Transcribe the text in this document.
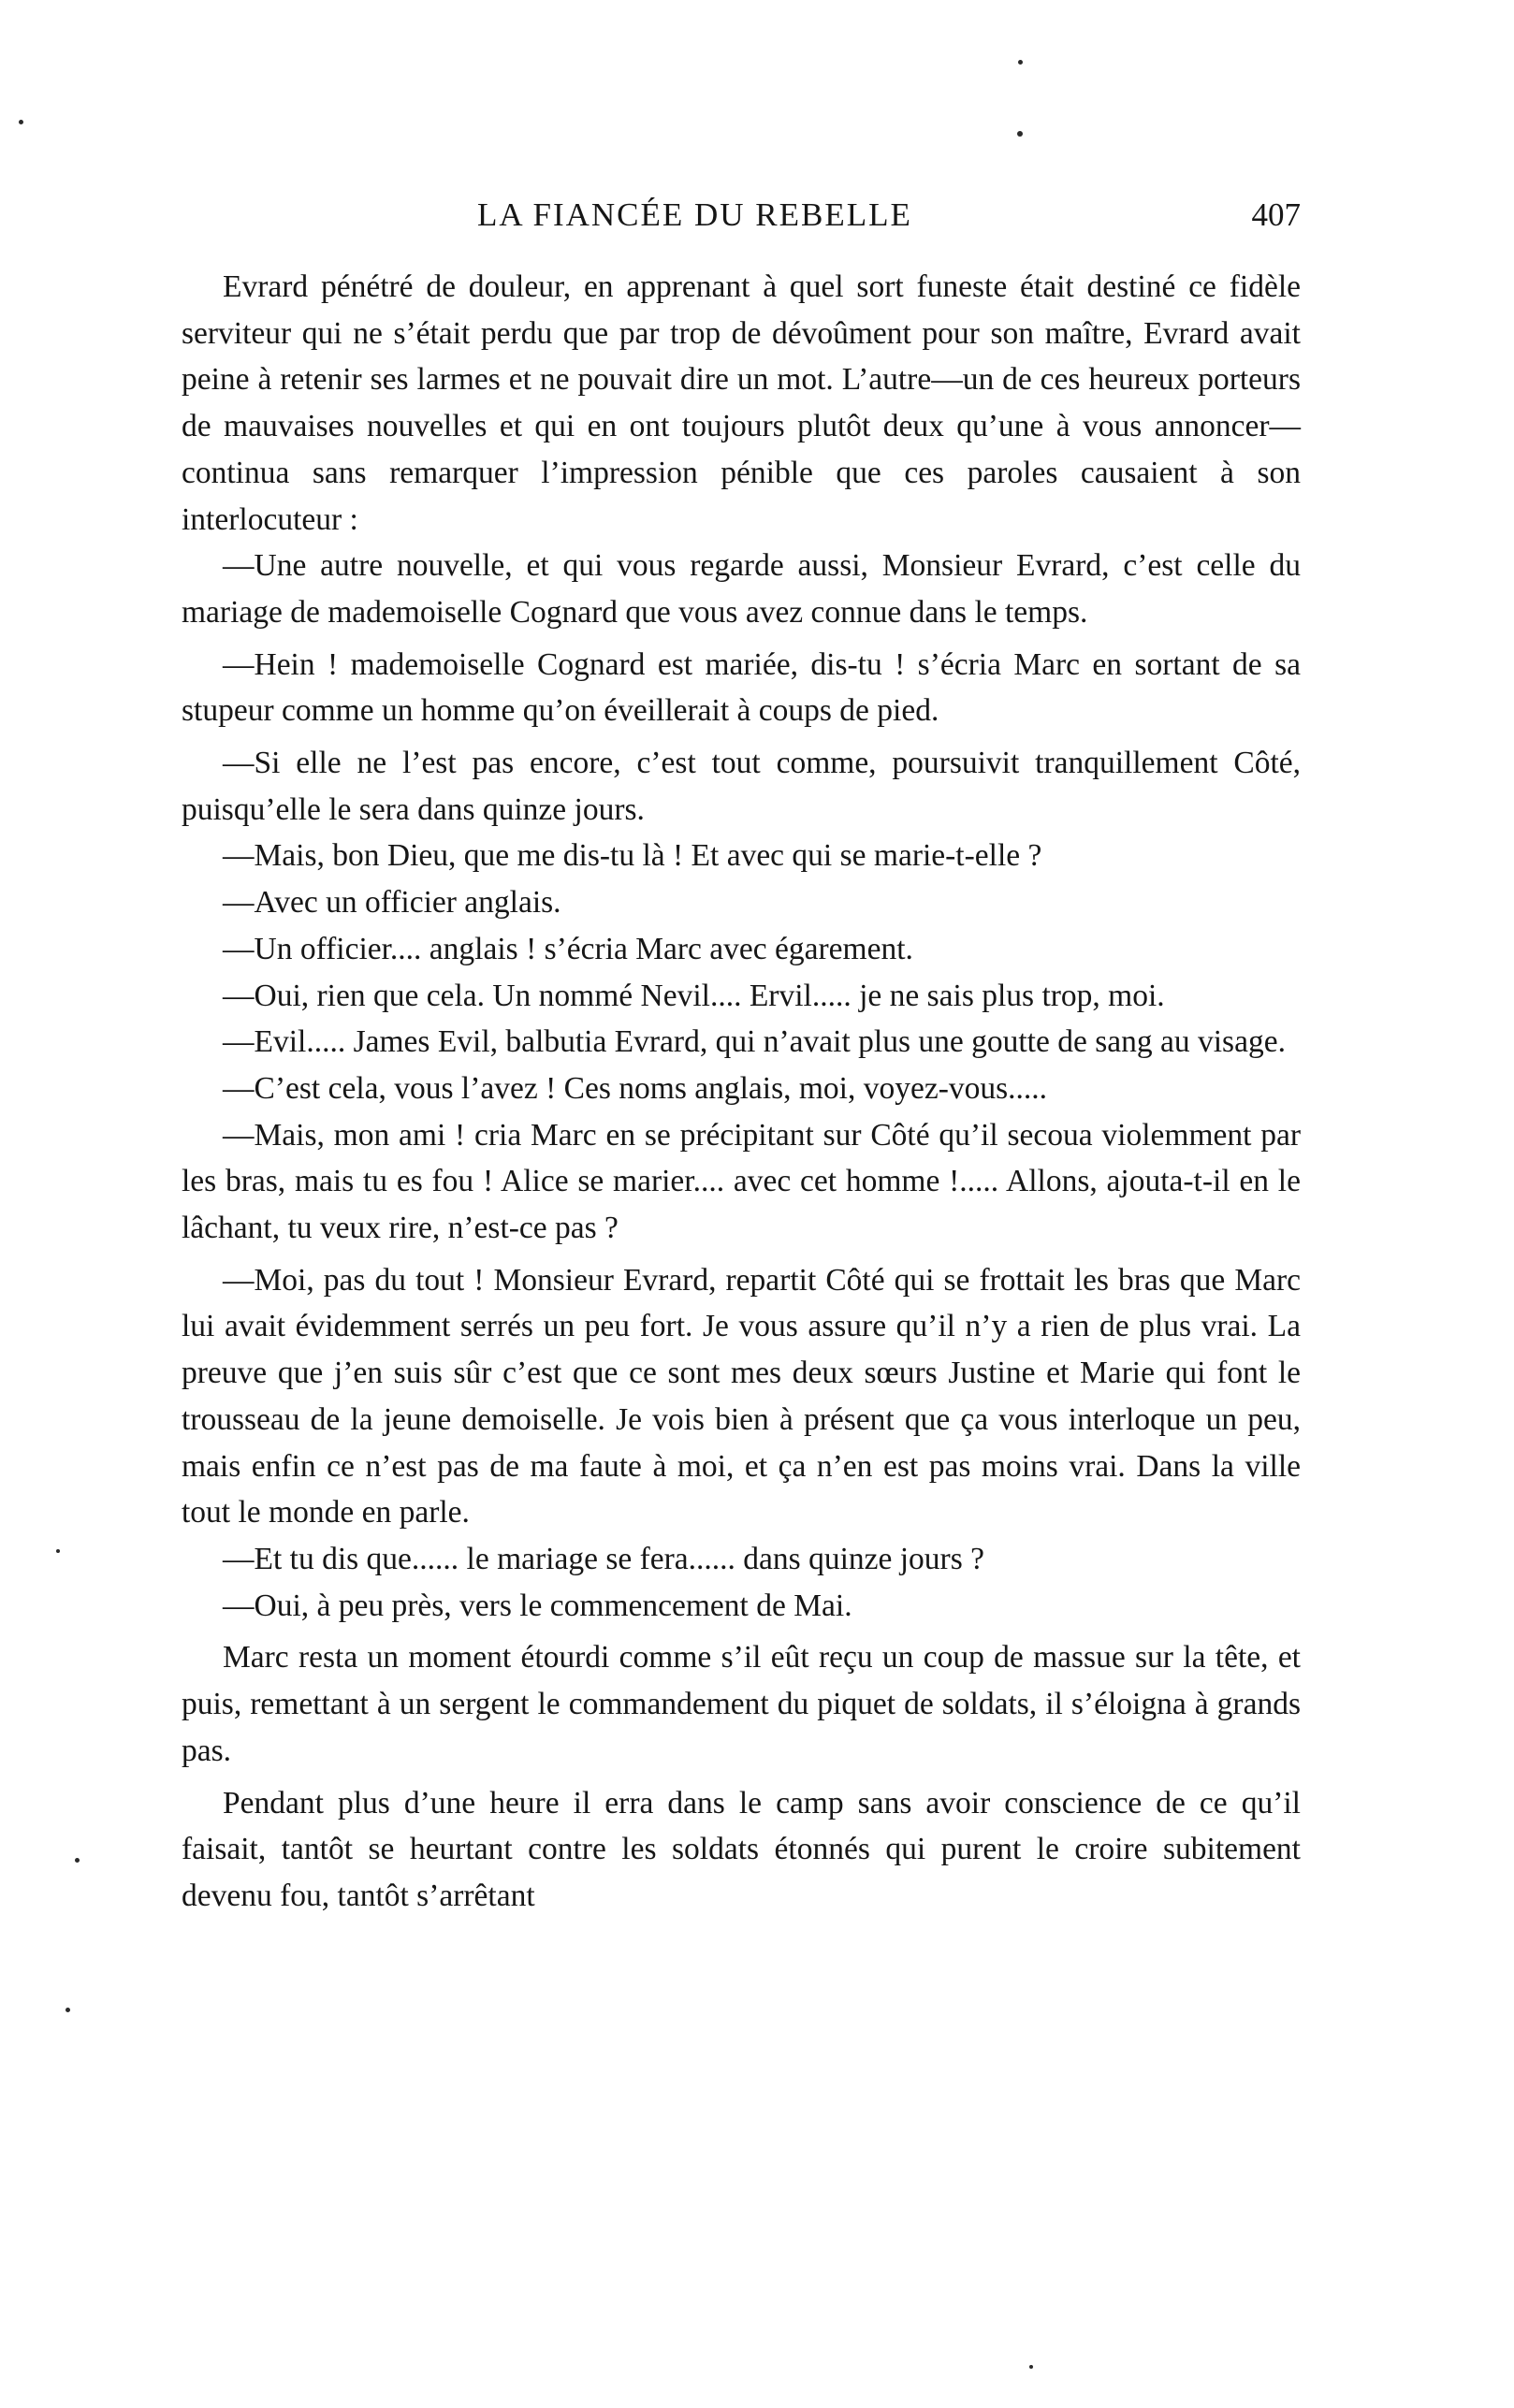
LA FIANCÉE DU REBELLE	407

Evrard pénétré de douleur, en apprenant à quel sort funeste était destiné ce fidèle serviteur qui ne s’était perdu que par trop de dévoûment pour son maître, Evrard avait peine à retenir ses larmes et ne pouvait dire un mot. L’autre—un de ces heureux porteurs de mauvaises nouvelles et qui en ont toujours plutôt deux qu’une à vous annoncer—continua sans remarquer l’impression pénible que ces paroles causaient à son interlocuteur :

—Une autre nouvelle, et qui vous regarde aussi, Monsieur Evrard, c’est celle du mariage de mademoiselle Cognard que vous avez connue dans le temps.

—Hein ! mademoiselle Cognard est mariée, dis-tu ! s’écria Marc en sortant de sa stupeur comme un homme qu’on éveillerait à coups de pied.

—Si elle ne l’est pas encore, c’est tout comme, poursuivit tranquillement Côté, puisqu’elle le sera dans quinze jours.

—Mais, bon Dieu, que me dis-tu là ! Et avec qui se marie-t-elle ?

—Avec un officier anglais.

—Un officier.... anglais ! s’écria Marc avec égarement.

—Oui, rien que cela. Un nommé Nevil.... Ervil..... je ne sais plus trop, moi.

—Evil..... James Evil, balbutia Evrard, qui n’avait plus une goutte de sang au visage.

—C’est cela, vous l’avez ! Ces noms anglais, moi, voyez-vous.....

—Mais, mon ami ! cria Marc en se précipitant sur Côté qu’il secoua violemment par les bras, mais tu es fou ! Alice se marier.... avec cet homme !..... Allons, ajouta-t-il en le lâchant, tu veux rire, n’est-ce pas ?

—Moi, pas du tout ! Monsieur Evrard, repartit Côté qui se frottait les bras que Marc lui avait évidemment serrés un peu fort. Je vous assure qu’il n’y a rien de plus vrai. La preuve que j’en suis sûr c’est que ce sont mes deux sœurs Justine et Marie qui font le trousseau de la jeune demoiselle. Je vois bien à présent que ça vous interloque un peu, mais enfin ce n’est pas de ma faute à moi, et ça n’en est pas moins vrai. Dans la ville tout le monde en parle.

—Et tu dis que...... le mariage se fera...... dans quinze jours ?

—Oui, à peu près, vers le commencement de Mai.

Marc resta un moment étourdi comme s’il eût reçu un coup de massue sur la tête, et puis, remettant à un sergent le commandement du piquet de soldats, il s’éloigna à grands pas.

Pendant plus d’une heure il erra dans le camp sans avoir conscience de ce qu’il faisait, tantôt se heurtant contre les soldats étonnés qui purent le croire subitement devenu fou, tantôt s’arrêtant
